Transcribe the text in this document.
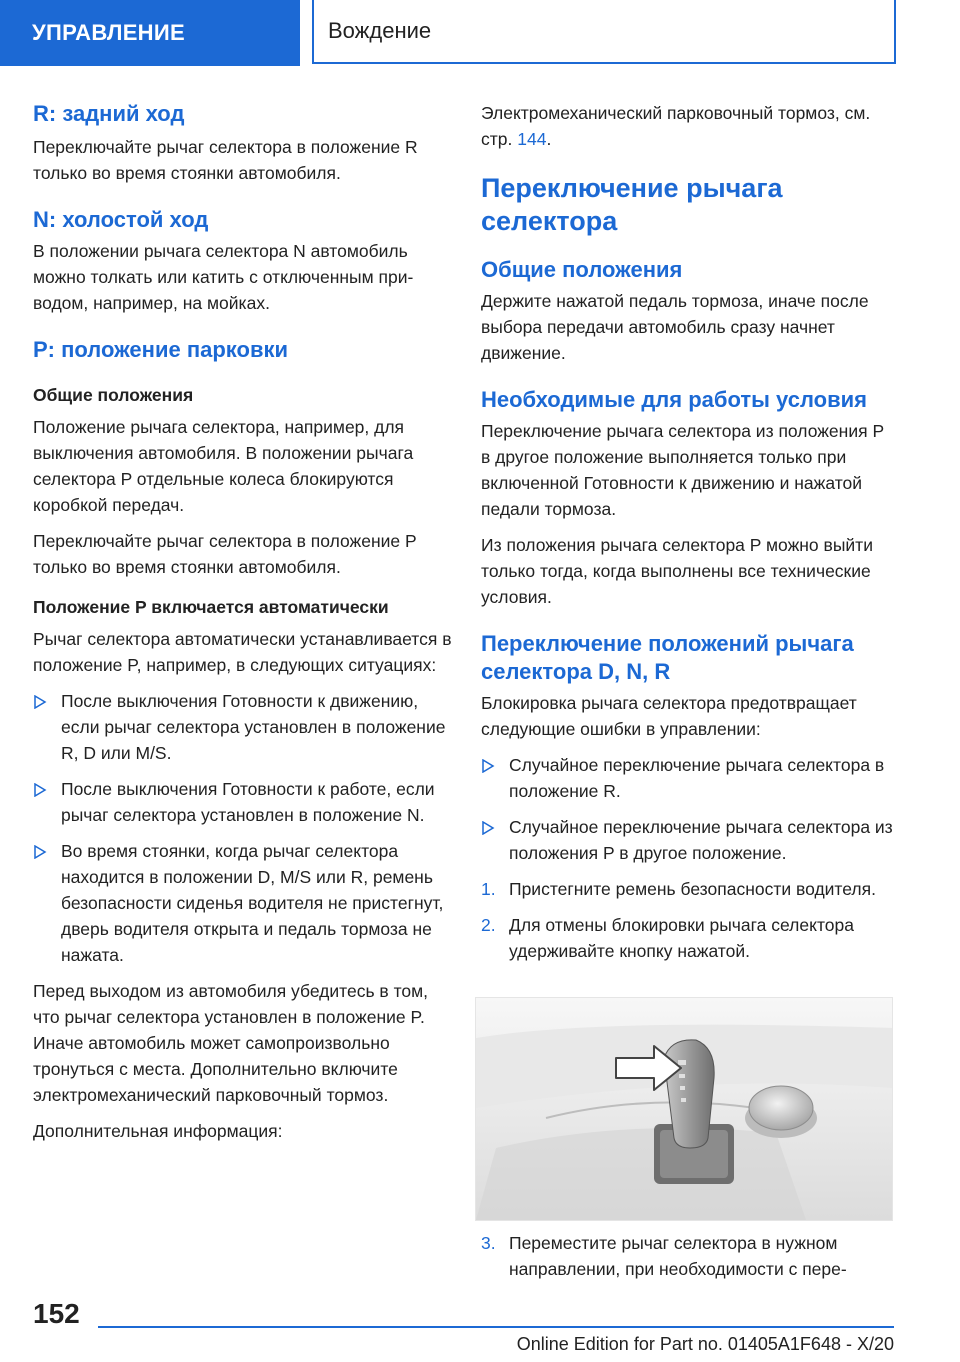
УПРАВЛЕНИЕ	Вождение
R: задний ход

Переключайте рычаг селектора в положение R только во время стоянки автомобиля.

N: холостой ход

В положении рычага селектора N автомобиль можно толкать или катить с отключенным приводом, например, на мойках.

P: положение парковки
Общие положения

Положение рычага селектора, например, для выключения автомобиля. В положении рычага селектора P отдельные колеса блокируются коробкой передач.

Переключайте рычаг селектора в положение P только во время стоянки автомобиля.

Положение P включается автоматически

Рычаг селектора автоматически устанавливается в положение P, например, в следующих ситуациях:

После выключения Готовности к движению, если рычаг селектора установлен в положение R, D или M/S.
После выключения Готовности к работе, если рычаг селектора установлен в положение N.
Во время стоянки, когда рычаг селектора находится в положении D, M/S или R, ремень безопасности сиденья водителя не пристегнут, дверь водителя открыта и педаль тормоза не нажата.

Перед выходом из автомобиля убедитесь в том, что рычаг селектора установлен в положение P. Иначе автомобиль может самопроизвольно тронуться с места. Дополнительно включите электромеханический парковочный тормоз.

Дополнительная информация:

Электромеханический парковочный тормоз, см. стр. 144.

Переключение рычага селектора
Общие положения

Держите нажатой педаль тормоза, иначе после выбора передачи автомобиль сразу начнет движение.

Необходимые для работы условия

Переключение рычага селектора из положения P в другое положение выполняется только при включенной Готовности к движению и нажатой педали тормоза.

Из положения рычага селектора P можно выйти только тогда, когда выполнены все технические условия.

Переключение положений рычага селектора D, N, R

Блокировка рычага селектора предотвращает следующие ошибки в управлении:

Случайное переключение рычага селектора в положение R.
Случайное переключение рычага селектора из положения P в другое положение.
1. Пристегните ремень безопасности водителя.
2. Для отмены блокировки рычага селектора удерживайте кнопку нажатой.
3. Переместите рычаг селектора в нужном направлении, при необходимости с пере-
152
Online Edition for Part no. 01405A1F648 - X/20
